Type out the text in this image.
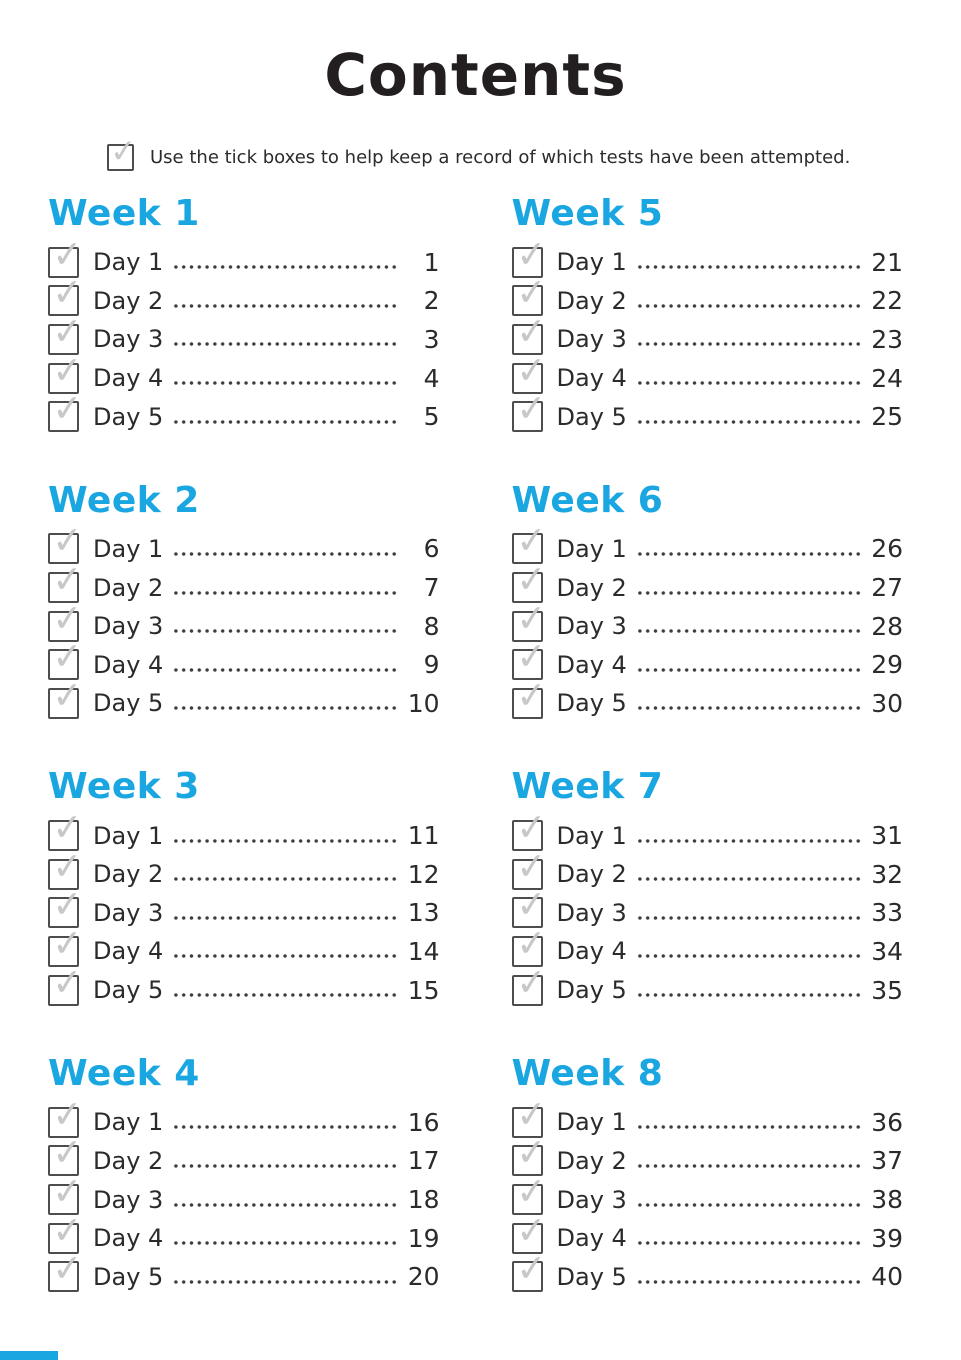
Contents
✓ Use the tick boxes to help keep a record of which tests have been attempted.
Week 1
✓ Day 1	1
✓ Day 2	2
✓ Day 3	3
✓ Day 4	4
✓ Day 5	5
Week 2
✓ Day 1	6
✓ Day 2	7
✓ Day 3	8
✓ Day 4	9
✓ Day 5	10
Week 3
✓ Day 1	11
✓ Day 2	12
✓ Day 3	13
✓ Day 4	14
✓ Day 5	15
Week 4
✓ Day 1	16
✓ Day 2	17
✓ Day 3	18
✓ Day 4	19
✓ Day 5	20
Week 5
✓ Day 1	21
✓ Day 2	22
✓ Day 3	23
✓ Day 4	24
✓ Day 5	25
Week 6
✓ Day 1	26
✓ Day 2	27
✓ Day 3	28
✓ Day 4	29
✓ Day 5	30
Week 7
✓ Day 1	31
✓ Day 2	32
✓ Day 3	33
✓ Day 4	34
✓ Day 5	35
Week 8
✓ Day 1	36
✓ Day 2	37
✓ Day 3	38
✓ Day 4	39
✓ Day 5	40
